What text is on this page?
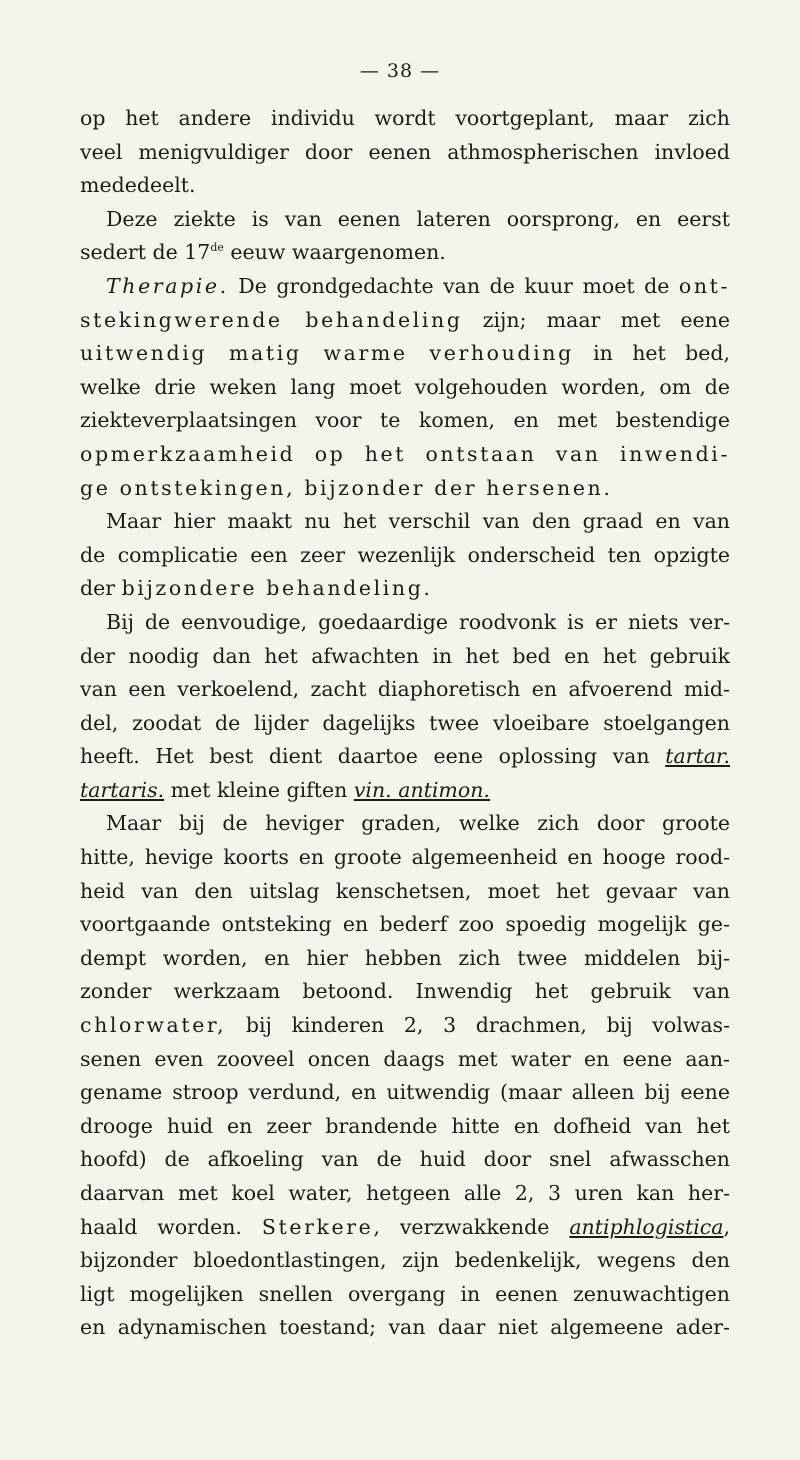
— 38 —
op het andere individu wordt voortgeplant, maar zich
veel menigvuldiger door eenen athmospherischen invloed
mededeelt.
Deze ziekte is van eenen lateren oorsprong, en eerst
sedert de 17de eeuw waargenomen.
Therapie. De grondgedachte van de kuur moet de ont-
stekingwerende behandeling zijn; maar met eene
uitwendig matig warme verhouding in het bed,
welke drie weken lang moet volgehouden worden, om de
ziekteverplaatsingen voor te komen, en met bestendige
opmerkzaamheid op het ontstaan van inwendi-
ge ontstekingen, bijzonder der hersenen.
Maar hier maakt nu het verschil van den graad en van
de complicatie een zeer wezenlijk onderscheid ten opzigte
der bijzondere behandeling.
Bij de eenvoudige, goedaardige roodvonk is er niets ver-
der noodig dan het afwachten in het bed en het gebruik
van een verkoelend, zacht diaphoretisch en afvoerend mid-
del, zoodat de lijder dagelijks twee vloeibare stoelgangen
heeft. Het best dient daartoe eene oplossing van tartar.
tartaris. met kleine giften vin. antimon.
Maar bij de heviger graden, welke zich door groote
hitte, hevige koorts en groote algemeenheid en hooge rood-
heid van den uitslag kenschetsen, moet het gevaar van
voortgaande ontsteking en bederf zoo spoedig mogelijk ge-
dempt worden, en hier hebben zich twee middelen bij-
zonder werkzaam betoond. Inwendig het gebruik van
chlorwater, bij kinderen 2, 3 drachmen, bij volwas-
senen even zooveel oncen daags met water en eene aan-
gename stroop verdund, en uitwendig (maar alleen bij eene
drooge huid en zeer brandende hitte en dofheid van het
hoofd) de afkoeling van de huid door snel afwasschen
daarvan met koel water, hetgeen alle 2, 3 uren kan her-
haald worden. Sterkere, verzwakkende antiphlogistica,
bijzonder bloedontlastingen, zijn bedenkelijk, wegens den
ligt mogelijken snellen overgang in eenen zenuwachtigen
en adynamischen toestand; van daar niet algemeene ader-
